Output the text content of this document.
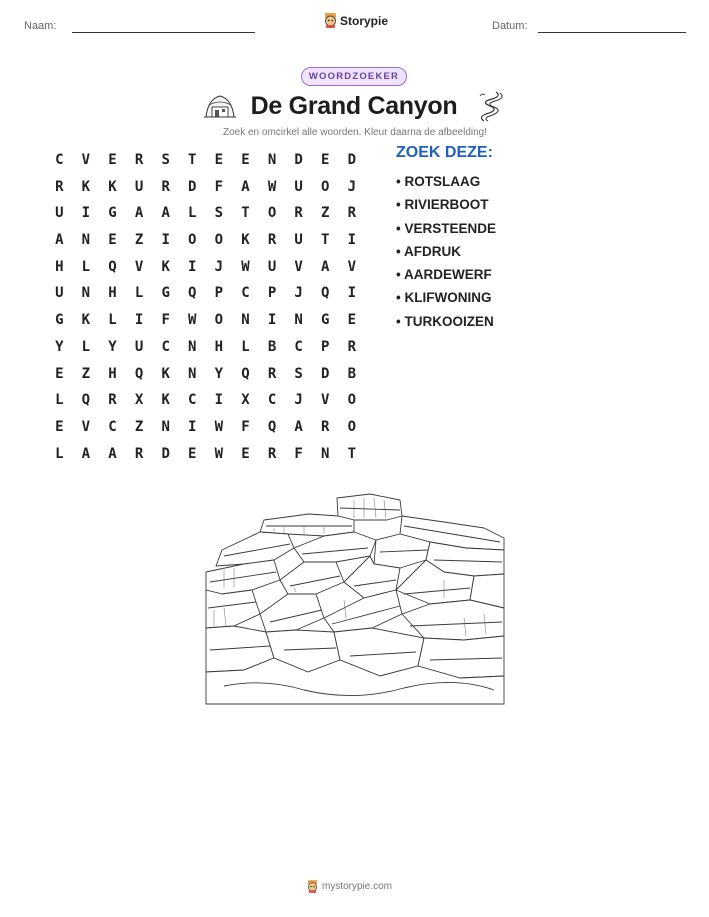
Naam:	Storypie	Datum:
WOORDZOEKER
De Grand Canyon
Zoek en omcirkel alle woorden. Kleur daarna de afbeelding!
C	V	E	R	S	T	E	E	N	D	E	D
R	K	K	U	R	D	F	A	W	U	O	J
U	I	G	A	A	L	S	T	O	R	Z	R
A	N	E	Z	I	O	O	K	R	U	T	I
H	L	Q	V	K	I	J	W	U	V	A	V
U	N	H	L	G	Q	P	C	P	J	Q	I
G	K	L	I	F	W	O	N	I	N	G	E
Y	L	Y	U	C	N	H	L	B	C	P	R
E	Z	H	Q	K	N	Y	Q	R	S	D	B
L	Q	R	X	K	C	I	X	C	J	V	O
E	V	C	Z	N	I	W	F	Q	A	R	O
L	A	A	R	D	E	W	E	R	F	N	T
ZOEK DEZE:
• ROTSLAAG
• RIVIERBOOT
• VERSTEENDE
• AFDRUK
• AARDEWERF
• KLIFWONING
• TURKOOIZEN
mystorypie.com
